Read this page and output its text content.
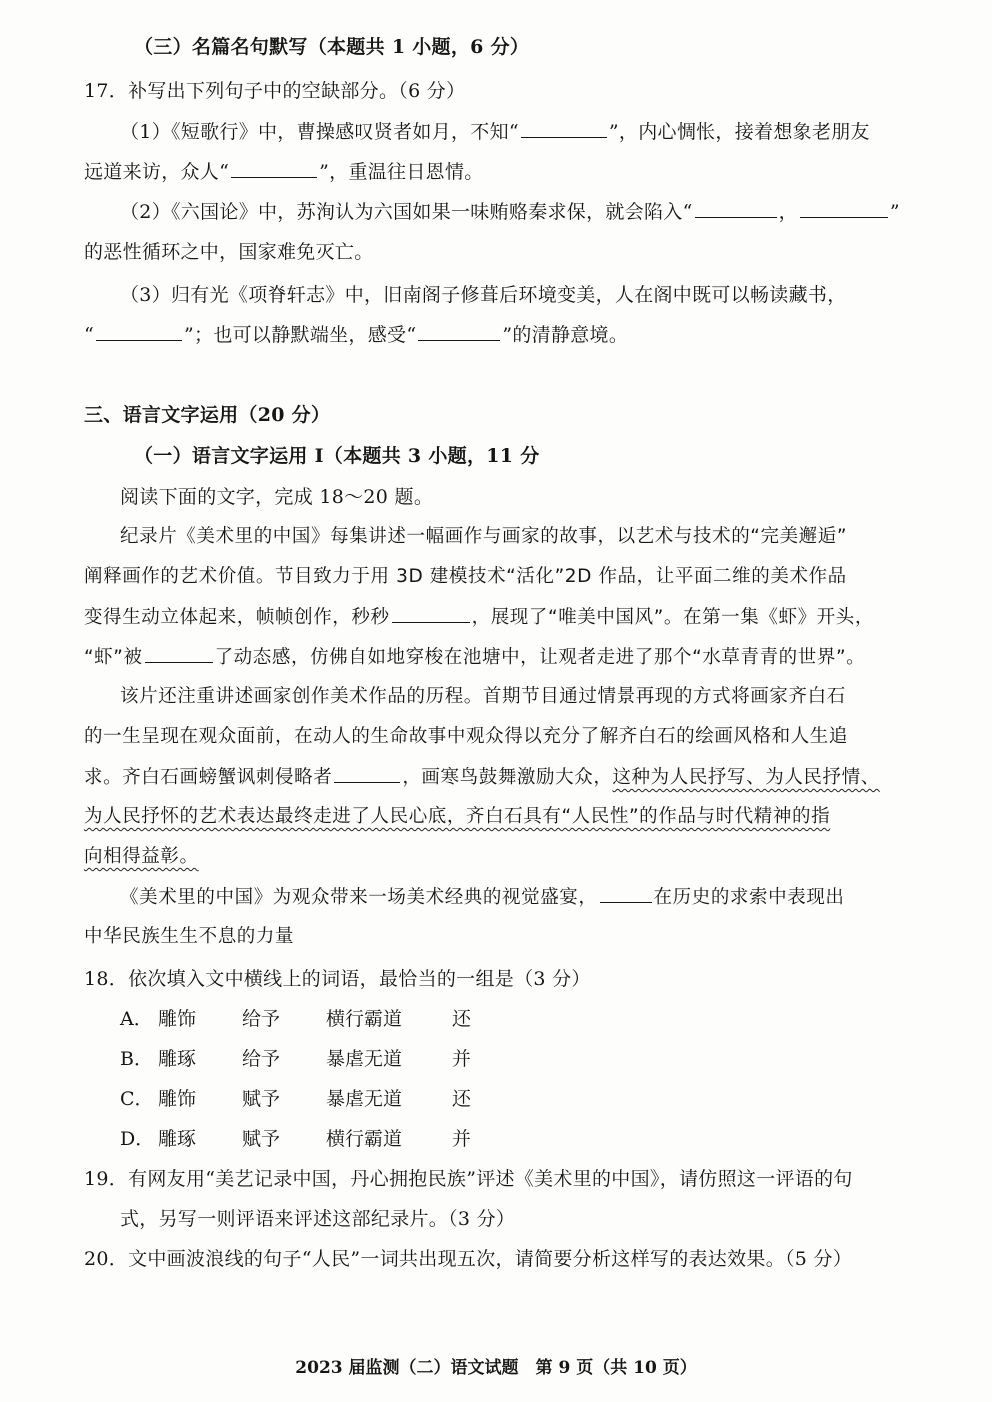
（三）名篇名句默写（本题共 1 小题，6 分）
17．补写出下列句子中的空缺部分。（6 分）
（1）《短歌行》中，曹操感叹贤者如月，不知“	”，内心惆怅，接着想象老朋友
远道来访，众人“	”，重温往日恩情。
（2）《六国论》中，苏洵认为六国如果一味贿赂秦求保，就会陷入“	，	”
的恶性循环之中，国家难免灭亡。
（3）归有光《项脊轩志》中，旧南阁子修葺后环境变美，人在阁中既可以畅读藏书，
“	”；也可以静默端坐，感受“	”的清静意境。
三、语言文字运用（20 分）
（一）语言文字运用 Ⅰ（本题共 3 小题，11 分
阅读下面的文字，完成 18～20 题。
纪录片《美术里的中国》每集讲述一幅画作与画家的故事，以艺术与技术的“完美邂逅”
阐释画作的艺术价值。节目致力于用 3D 建模技术“活化”2D 作品，让平面二维的美术作品
变得生动立体起来，帧帧创作，秒秒	，展现了“唯美中国风”。在第一集《虾》开头，
“虾”被	了动态感，仿佛自如地穿梭在池塘中，让观者走进了那个“水草青青的世界”。
该片还注重讲述画家创作美术作品的历程。首期节目通过情景再现的方式将画家齐白石
的一生呈现在观众面前，在动人的生命故事中观众得以充分了解齐白石的绘画风格和人生追
求。齐白石画螃蟹讽刺侵略者	，画寒鸟鼓舞激励大众，这种为人民抒写、为人民抒情、
为人民抒怀的艺术表达最终走进了人民心底，齐白石具有“人民性”的作品与时代精神的指
向相得益彰。
《美术里的中国》为观众带来一场美术经典的视觉盛宴，	在历史的求索中表现出
中华民族生生不息的力量
18．依次填入文中横线上的词语，最恰当的一组是（3 分）
A． 雕饰 给予 横行霸道	还
B． 雕琢 给予 暴虐无道	并
C． 雕饰 赋予 暴虐无道	还
D． 雕琢 赋予 横行霸道	并
19．有网友用“美艺记录中国，丹心拥抱民族”评述《美术里的中国》，请仿照这一评语的句
式，另写一则评语来评述这部纪录片。（3 分）
20．文中画波浪线的句子“人民”一词共出现五次，请简要分析这样写的表达效果。（5 分）
2023 届监测（二）语文试题　第 9 页（共 10 页）
